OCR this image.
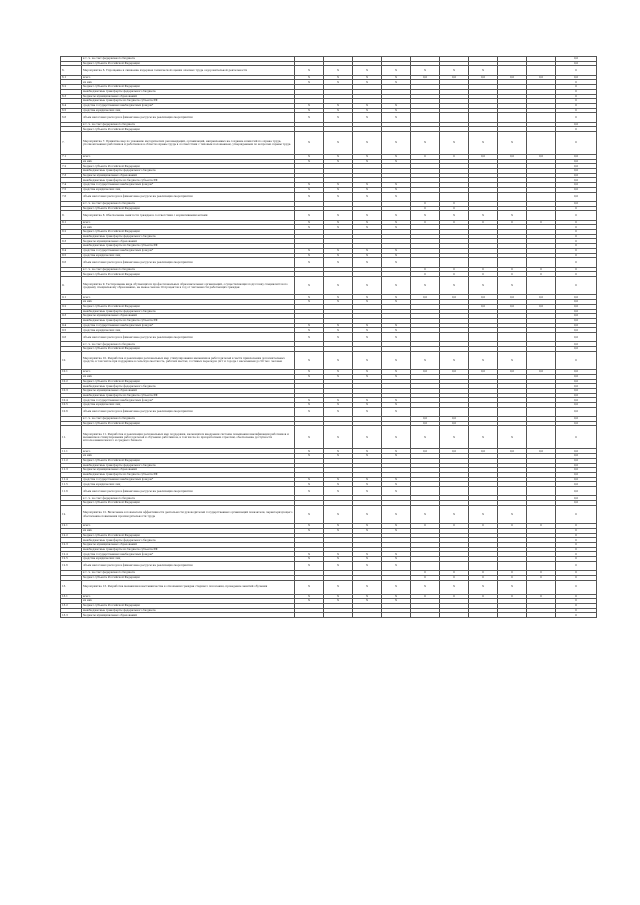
	в т. ч. за счет федерального бюджета										0,0
	бюджет субъекта Российской Федерации										0,0
6.	Мероприятие 6. Упрощение и снижение издержек технической оценки опасных труда оздоровительной деятельности	X	X	X	X	X	X	X			0
6.1	всего	X	X	X	X	0,0	0,0	0,0	0,0	0,0	0,0
	из них	X	X	X	X						0
6.2	бюджет субъекта Российской Федерации										0
	межбюджетные трансферты федерального бюджета										0
6.3	бюджеты муниципальных образований										0
	межбюджетные трансферты из бюджета субъекта РФ										0
6.4	средства государственных внебюджетных фондов*	X	X	X	X						0
6.5	средства юридических лиц	X	X	X	X						0
6.6	объем налоговых расходов в финансовые ресурсы на реализацию мероприятия	X	X	X	X						0
	в т. ч. за счет федерального бюджета										0,0
	бюджет субъекта Российской Федерации										0
7.	Мероприятие 7. Принятие мер по указанию методических рекомендаций, организаций, направленных на создание комиссий по охране труда, уполномоченных работников и работников в области охраны труда в соответствии с типовым положением, утвержденным по вопросам охраны труда	X	X	X	X	X	X	X	X		0
7.1	всего	X	X	X	X	0	0	0,0	0,0	0,0	0,0
	из них	X	X	X	X						0,0
7.2	бюджет субъекта Российской Федерации										0,0
	межбюджетные трансферты федерального бюджета										0,0
7.3	бюджеты муниципальных образований										0,0
	межбюджетные трансферты из бюджета субъекта РФ										0,0
7.4	средства государственных внебюджетных фондов*	X	X	X	X						0,0
7.5	средства юридических лиц	X	X	X	X						0,0
7.6	объем налоговых расходов в финансовые ресурсы на реализацию мероприятия	X	X	X	X						0,0
	в т. ч. за счет федерального бюджета					0	0				0,0
	бюджет субъекта Российской Федерации					0	0				0
8.	Мероприятие 8. Обеспечение занятости граждан в соответствии с нормативными актами	X	X	X	X	X	X	X	X		0
8.1	всего	X	X	X	X	0	0	0	0	0	0
	из них	X	X	X	X						0
8.2	бюджет субъекта Российской Федерации										0
	межбюджетные трансферты федерального бюджета										0
8.3	бюджеты муниципальных образований										0
	межбюджетные трансферты из бюджета субъекта РФ										0
8.4	средства государственных внебюджетных фондов*	X	X	X	X						0
8.5	средства юридических лиц	X	X	X	X						0
8.6	объем налоговых расходов в финансовые ресурсы на реализацию мероприятия	X	X	X	X						0
	в т. ч. за счет федерального бюджета					0	0	0	0	0	0
	бюджет субъекта Российской Федерации					0	0	0	0	0	0
9.	Мероприятие 9. Тестирование вида обучающихся профессиональных образовательных организаций, осуществляющих подготовку специалистов по среднему специальному образованию, не менее чем на 10 процентов в год от численности работающих граждан	X	X	X	X	X	X	X	X		0
9.1	всего	X	X	X	X	0,0	0,0	0,0	0,0	0,0	0,0
	из них	X	X	X	X						0,0
9.2	бюджет субъекта Российской Федерации							0,0	0,0	0,0	0,0
	межбюджетные трансферты федерального бюджета										0,0
9.3	бюджеты муниципальных образований										0,0
	межбюджетные трансферты из бюджета субъекта РФ										0,0
9.4	средства государственных внебюджетных фондов*	X	X	X	X						0,0
9.5	средства юридических лиц	X	X	X	X						0,0
9.6	объем налоговых расходов в финансовые ресурсы на реализацию мероприятия	X	X	X	X						0,0
	в т. ч. за счет федерального бюджета										0,0
	бюджет субъекта Российской Федерации										0,0
10.	Мероприятие 10. Разработка и реализация региональных мер стимулирования механизмов работодателей в части привлечения дополнительных средств, в том числе при поддержке в сельскую местность, рабочих местах, гостиных пересадок (пгт и города с населением до 50 тыс. человек	X	X	X	X	X	X	X	X		0
10.1	всего	X	X	X	X	0,0	0,0	0,0	0,0	0,0	0,0
	из них	X	X	X	X						0,0
10.2	бюджет субъекта Российской Федерации										0,0
	межбюджетные трансферты федерального бюджета										0,0
10.3	бюджеты муниципальных образований										0,0
	межбюджетные трансферты из бюджета субъекта РФ										0,0
10.4	средства государственных внебюджетных фондов*	X	X	X	X						0,0
10.5	средства юридических лиц	X	X	X	X						0,0
10.6	объем налоговых расходов в финансовые ресурсы на реализацию мероприятия	X	X	X	X						0,0
	в т. ч. за счет федерального бюджета					0,0	0,0				0,0
	бюджет субъекта Российской Федерации					0,0	0,0				0,0
11.	Мероприятие 11. Разработка и реализация региональных мер поддержки, касающихся внедрения системы повышения квалификации работников и механизмов стимулирования работодателей к обучению работников, в том числе по приоритетным отраслям, обеспечение доступности использования малого и среднего бизнеса	X	X	X	X	X	X	X	X		0
11.1	всего	X	X	X	X	0,0	0,0	0,0	0,0	0,0	0,0
	из них	X	X	X	X						0,0
11.2	бюджет субъекта Российской Федерации										0,0
	межбюджетные трансферты федерального бюджета										0,0
11.3	бюджеты муниципальных образований										0,0
	межбюджетные трансферты из бюджета субъекта РФ										0,0
11.4	средства государственных внебюджетных фондов*	X	X	X	X						0,0
11.5	средства юридических лиц	X	X	X	X						0,0
11.6	объем налоговых расходов в финансовые ресурсы на реализацию мероприятия	X	X	X	X						0,0
	в т. ч. за счет федерального бюджета										0,0
	бюджет субъекта Российской Федерации										0,0
12.	Мероприятие 12. Включение в показатели эффективности деятельности руководителей государственных организаций показателя, характеризующего обеспечение повышения производительности труда	X	X	X	X	X	X	X	X		0
12.1	всего	X	X	X	X	0	0	0	0	0	0
	из них	X	X	X	X						0
12.2	бюджет субъекта Российской Федерации										0
	межбюджетные трансферты федерального бюджета										0
12.3	бюджеты муниципальных образований										0
	межбюджетные трансферты из бюджета субъекта РФ										0
12.4	средства государственных внебюджетных фондов*	X	X	X	X						0
12.5	средства юридических лиц	X	X	X	X						0
12.6	объем налоговых расходов в финансовые ресурсы на реализацию мероприятия	X	X	X	X						0
	в т. ч. за счет федерального бюджета					0	0	0	0	0	0
	бюджет субъекта Российской Федерации					0	0	0	0	0	0
13.	Мероприятие 13. Разработка механизмов наставничества в отношении граждан старшего поколения, проведение занятий обучения	X	X	X	X	X	X	X	X		0
13.1	всего	X	X	X	X	0	0	0	0	0	0
	из них	X	X	X	X						0
13.2	бюджет субъекта Российской Федерации										0
	межбюджетные трансферты федерального бюджета										0
13.3	бюджеты муниципальных образований										0
